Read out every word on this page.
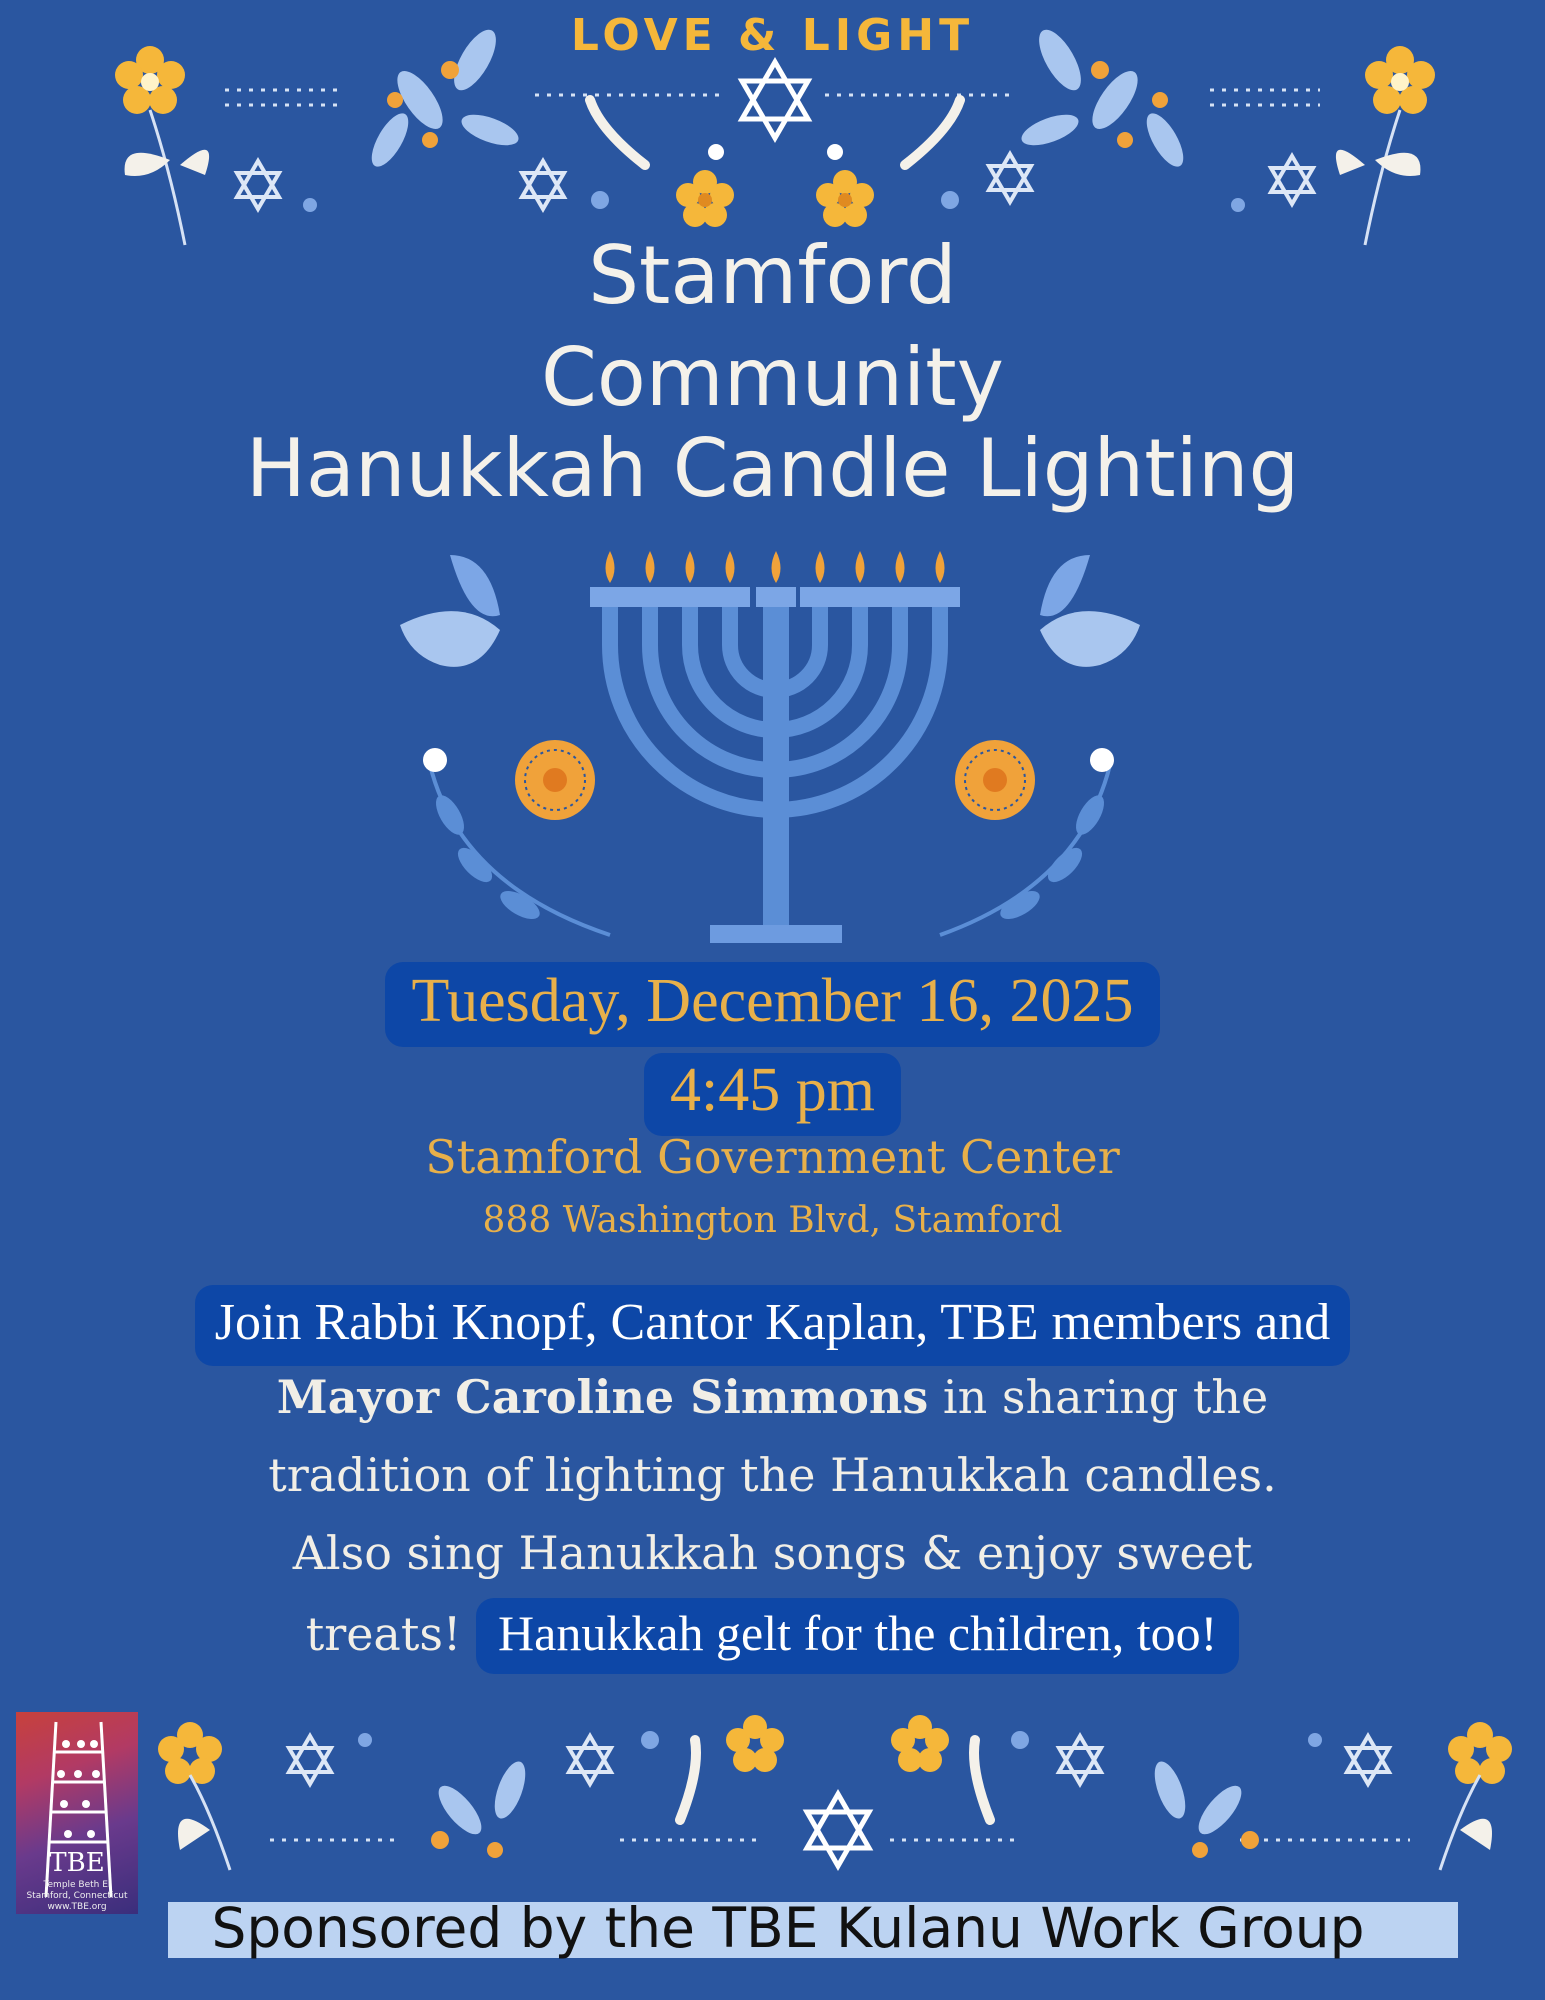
LOVE & LIGHT
Stamford
Community
Hanukkah Candle Lighting
Tuesday, December 16, 2025
4:45 pm
Stamford Government Center
888 Washington Blvd, Stamford
Join Rabbi Knopf, Cantor Kaplan, TBE members and
Mayor Caroline Simmons in sharing the
tradition of lighting the Hanukkah candles.
Also sing Hanukkah songs & enjoy sweet
treats! Hanukkah gelt for the children, too!
TBE
Temple Beth El
Stamford, Connecticut
www.TBE.org	Sponsored by the TBE Kulanu Work Group
